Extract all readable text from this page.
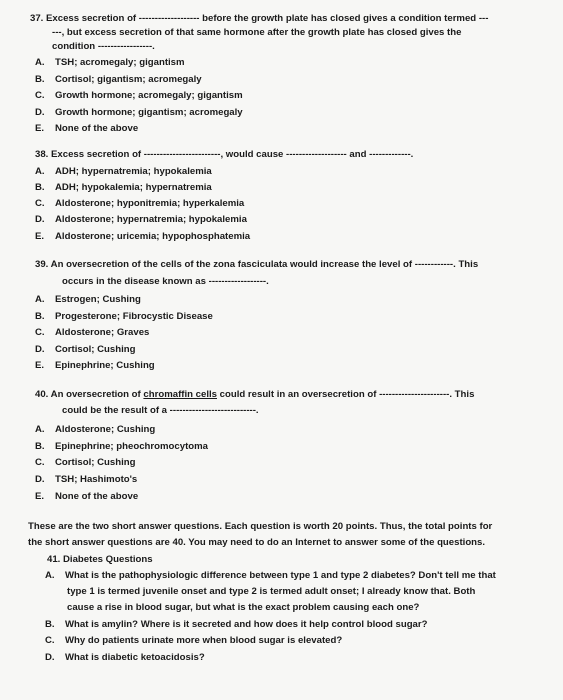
37. Excess secretion of ------------------- before the growth plate has closed gives a condition termed ---
---, but excess secretion of that same hormone after the growth plate has closed gives the
condition -----------------.
A. TSH; acromegaly; gigantism
B. Cortisol; gigantism; acromegaly
C. Growth hormone; acromegaly; gigantism
D. Growth hormone; gigantism; acromegaly
E. None of the above
38. Excess secretion of ------------------------, would cause ------------------- and -------------.
A. ADH; hypernatremia; hypokalemia
B. ADH; hypokalemia; hypernatremia
C. Aldosterone; hyponitremia; hyperkalemia
D. Aldosterone; hypernatremia; hypokalemia
E. Aldosterone; uricemia; hypophosphatemia
39. An oversecretion of the cells of the zona fasciculata would increase the level of ------------. This
occurs in the disease known as ------------------.
A. Estrogen; Cushing
B. Progesterone; Fibrocystic Disease
C. Aldosterone; Graves
D. Cortisol; Cushing
E. Epinephrine; Cushing
40. An oversecretion of chromaffin cells could result in an oversecretion of ----------------------. This
could be the result of a ---------------------------.
A. Aldosterone; Cushing
B. Epinephrine; pheochromocytoma
C. Cortisol; Cushing
D. TSH; Hashimoto's
E. None of the above
These are the two short answer questions. Each question is worth 20 points. Thus, the total points for
the short answer questions are 40. You may need to do an Internet to answer some of the questions.
41. Diabetes Questions
A. What is the pathophysiologic difference between type 1 and type 2 diabetes? Don't tell me that
type 1 is termed juvenile onset and type 2 is termed adult onset; I already know that. Both
cause a rise in blood sugar, but what is the exact problem causing each one?
B. What is amylin? Where is it secreted and how does it help control blood sugar?
C. Why do patients urinate more when blood sugar is elevated?
D. What is diabetic ketoacidosis?
